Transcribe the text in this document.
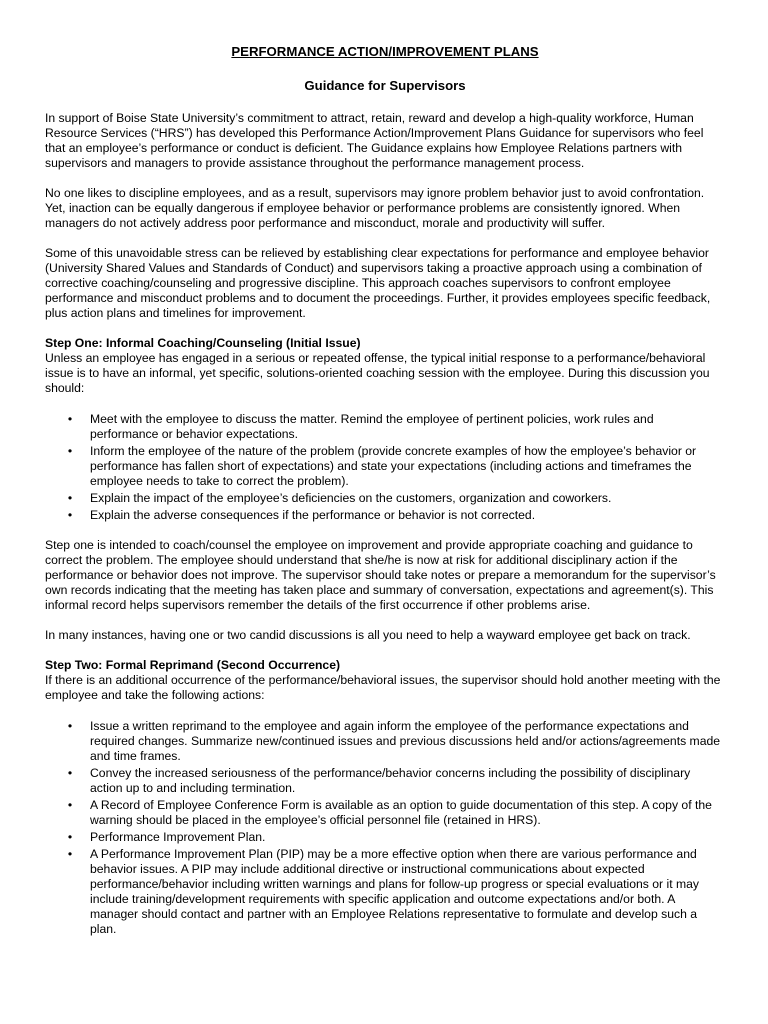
PERFORMANCE ACTION/IMPROVEMENT PLANS
Guidance for Supervisors

In support of Boise State University’s commitment to attract, retain, reward and develop a high-quality workforce, Human Resource Services (“HRS”) has developed this Performance Action/Improvement Plans Guidance for supervisors who feel that an employee’s performance or conduct is deficient. The Guidance explains how Employee Relations partners with supervisors and managers to provide assistance throughout the performance management process.

No one likes to discipline employees, and as a result, supervisors may ignore problem behavior just to avoid confrontation. Yet, inaction can be equally dangerous if employee behavior or performance problems are consistently ignored. When managers do not actively address poor performance and misconduct, morale and productivity will suffer.

Some of this unavoidable stress can be relieved by establishing clear expectations for performance and employee behavior (University Shared Values and Standards of Conduct) and supervisors taking a proactive approach using a combination of corrective coaching/counseling and progressive discipline. This approach coaches supervisors to confront employee performance and misconduct problems and to document the proceedings. Further, it provides employees specific feedback, plus action plans and timelines for improvement.

Step One: Informal Coaching/Counseling (Initial Issue)
Unless an employee has engaged in a serious or repeated offense, the typical initial response to a performance/behavioral issue is to have an informal, yet specific, solutions-oriented coaching session with the employee. During this discussion you should:
• Meet with the employee to discuss the matter. Remind the employee of pertinent policies, work rules and performance or behavior expectations.
• Inform the employee of the nature of the problem (provide concrete examples of how the employee’s behavior or performance has fallen short of expectations) and state your expectations (including actions and timeframes the employee needs to take to correct the problem).
• Explain the impact of the employee’s deficiencies on the customers, organization and coworkers.
• Explain the adverse consequences if the performance or behavior is not corrected.

Step one is intended to coach/counsel the employee on improvement and provide appropriate coaching and guidance to correct the problem. The employee should understand that she/he is now at risk for additional disciplinary action if the performance or behavior does not improve. The supervisor should take notes or prepare a memorandum for the supervisor’s own records indicating that the meeting has taken place and summary of conversation, expectations and agreement(s). This informal record helps supervisors remember the details of the first occurrence if other problems arise.

In many instances, having one or two candid discussions is all you need to help a wayward employee get back on track.

Step Two: Formal Reprimand (Second Occurrence)
If there is an additional occurrence of the performance/behavioral issues, the supervisor should hold another meeting with the employee and take the following actions:
• Issue a written reprimand to the employee and again inform the employee of the performance expectations and required changes. Summarize new/continued issues and previous discussions held and/or actions/agreements made and time frames.
• Convey the increased seriousness of the performance/behavior concerns including the possibility of disciplinary action up to and including termination.
• A Record of Employee Conference Form is available as an option to guide documentation of this step. A copy of the warning should be placed in the employee’s official personnel file (retained in HRS).
• Performance Improvement Plan.
• A Performance Improvement Plan (PIP) may be a more effective option when there are various performance and behavior issues. A PIP may include additional directive or instructional communications about expected performance/behavior including written warnings and plans for follow-up progress or special evaluations or it may include training/development requirements with specific application and outcome expectations and/or both. A manager should contact and partner with an Employee Relations representative to formulate and develop such a plan.
